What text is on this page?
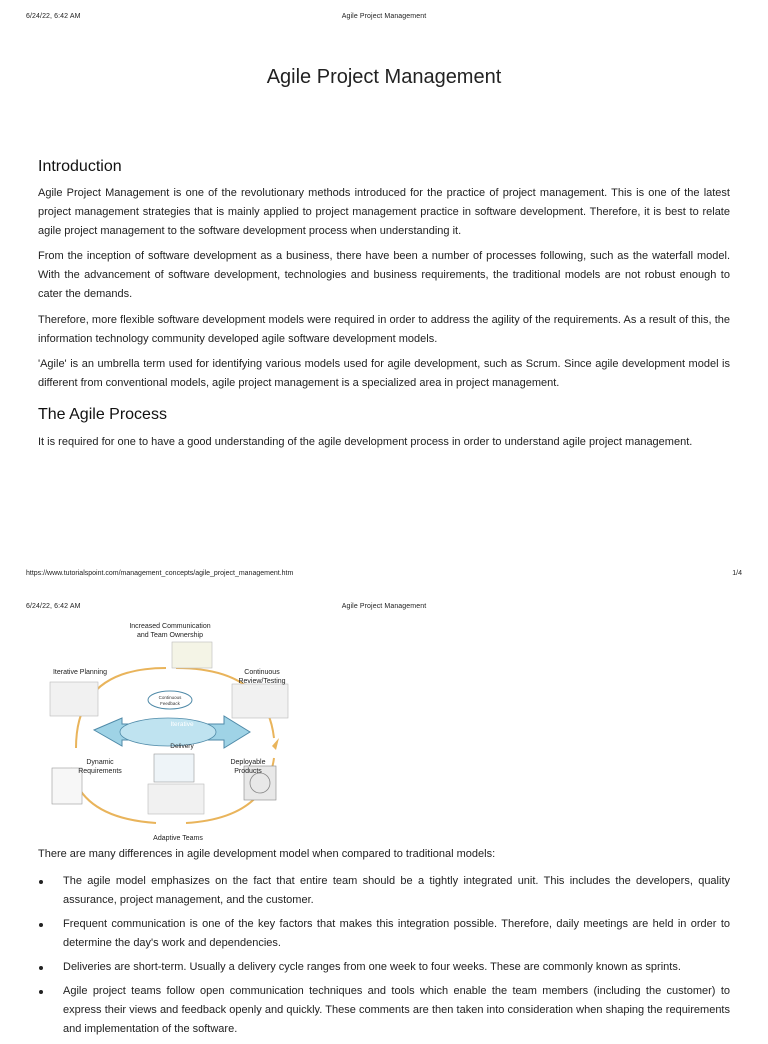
6/24/22, 6:42 AM	Agile Project Management
Agile Project Management
Introduction

Agile Project Management is one of the revolutionary methods introduced for the practice of project management. This is one of the latest project management strategies that is mainly applied to project management practice in software development. Therefore, it is best to relate agile project management to the software development process when understanding it.

From the inception of software development as a business, there have been a number of processes following, such as the waterfall model. With the advancement of software development, technologies and business requirements, the traditional models are not robust enough to cater the demands.

Therefore, more flexible software development models were required in order to address the agility of the requirements. As a result of this, the information technology community developed agile software development models.

'Agile' is an umbrella term used for identifying various models used for agile development, such as Scrum. Since agile development model is different from conventional models, agile project management is a specialized area in project management.

The Agile Process

It is required for one to have a good understanding of the agile development process in order to understand agile project management.

https://www.tutorialspoint.com/management_concepts/agile_project_management.htm	1/4
6/24/22, 6:42 AM	Agile Project Management
Increased Communication
and Team Ownership
Iterative Planning	Continuous
Review/Testing
Continuous
Feedback
Iterative
Delivery
Dynamic
Requirements
Deployable
Products
Adaptive Teams
There are many differences in agile development model when compared to traditional models:
The agile model emphasizes on the fact that entire team should be a tightly integrated unit. This includes the developers, quality assurance, project management, and the customer.
Frequent communication is one of the key factors that makes this integration possible. Therefore, daily meetings are held in order to determine the day's work and dependencies.
Deliveries are short-term. Usually a delivery cycle ranges from one week to four weeks. These are commonly known as sprints.
Agile project teams follow open communication techniques and tools which enable the team members (including the customer) to express their views and feedback openly and quickly. These comments are then taken into consideration when shaping the requirements and implementation of the software.
